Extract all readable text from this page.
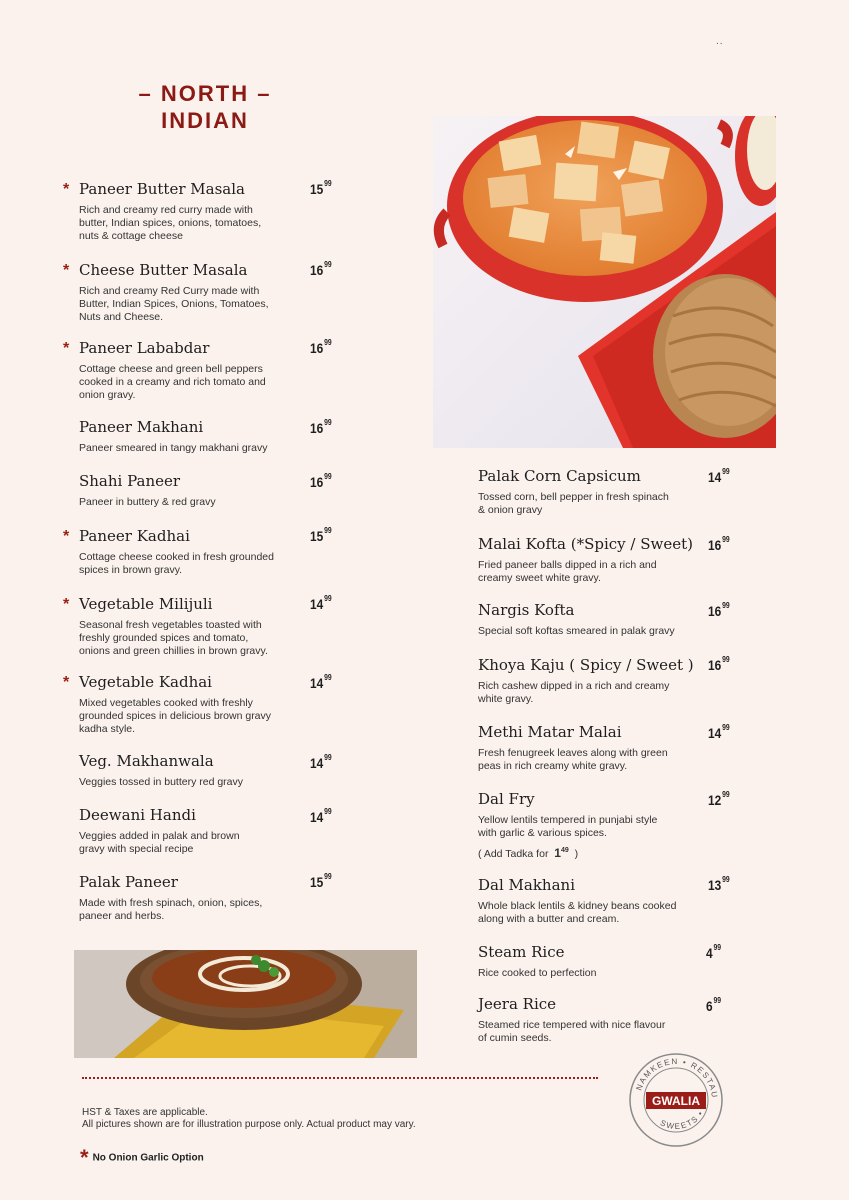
..
– NORTH –
INDIAN
* Paneer Butter Masala
Rich and creamy red curry made with
butter, Indian spices, onions, tomatoes,
nuts & cottage cheese
$15^{99}$
* Cheese Butter Masala
Rich and creamy Red Curry made with
Butter, Indian Spices, Onions, Tomatoes,
Nuts and Cheese.
$16^{99}$
* Paneer Lababdar
Cottage cheese and green bell peppers
cooked in a creamy and rich tomato and
onion gravy.
$16^{99}$
Paneer Makhani
Paneer smeared in tangy makhani gravy
$16^{99}$
Shahi Paneer
Paneer in buttery & red gravy
$16^{99}$
* Paneer Kadhai
Cottage cheese cooked in fresh grounded
spices in brown gravy.
$15^{99}$
* Vegetable Milijuli
Seasonal fresh vegetables toasted with
freshly grounded spices and tomato,
onions and green chillies in brown gravy.
$14^{99}$
* Vegetable Kadhai
Mixed vegetables cooked with freshly
grounded spices in delicious brown gravy
kadha style.
$14^{99}$
Veg. Makhanwala
Veggies tossed in buttery red gravy
$14^{99}$
Deewani Handi
Veggies added in palak and brown
gravy with special recipe
$14^{99}$
Palak Paneer
Made with fresh spinach, onion, spices,
paneer and herbs.
$15^{99}$
Palak Corn Capsicum
Tossed corn, bell pepper in fresh spinach
& onion gravy
$14^{99}$
Malai Kofta (*Spicy / Sweet)
Fried paneer balls dipped in a rich and
creamy sweet white gravy.
$16^{99}$
Nargis Kofta
Special soft koftas smeared in palak gravy
$16^{99}$
Khoya Kaju ( Spicy / Sweet )
Rich cashew dipped in a rich and creamy
white gravy.
$16^{99}$
Methi Matar Malai
Fresh fenugreek leaves along with green
peas in rich creamy white gravy.
$14^{99}$
Dal Fry
Yellow lentils tempered in punjabi style
with garlic & various spices.
( Add Tadka for $1^{49}$ )
$12^{99}$
Dal Makhani
Whole black lentils & kidney beans cooked
along with a butter and cream.
$13^{99}$
Steam Rice
Rice cooked to perfection
$4^{99}$
Jeera Rice
Steamed rice tempered with nice flavour
of cumin seeds.
$6^{99}$
HST & Taxes are applicable.
All pictures shown are for illustration purpose only. Actual product may vary.
* No Onion Garlic Option
NAMKEEN • RESTAU
SWEETS •
GWALIA
